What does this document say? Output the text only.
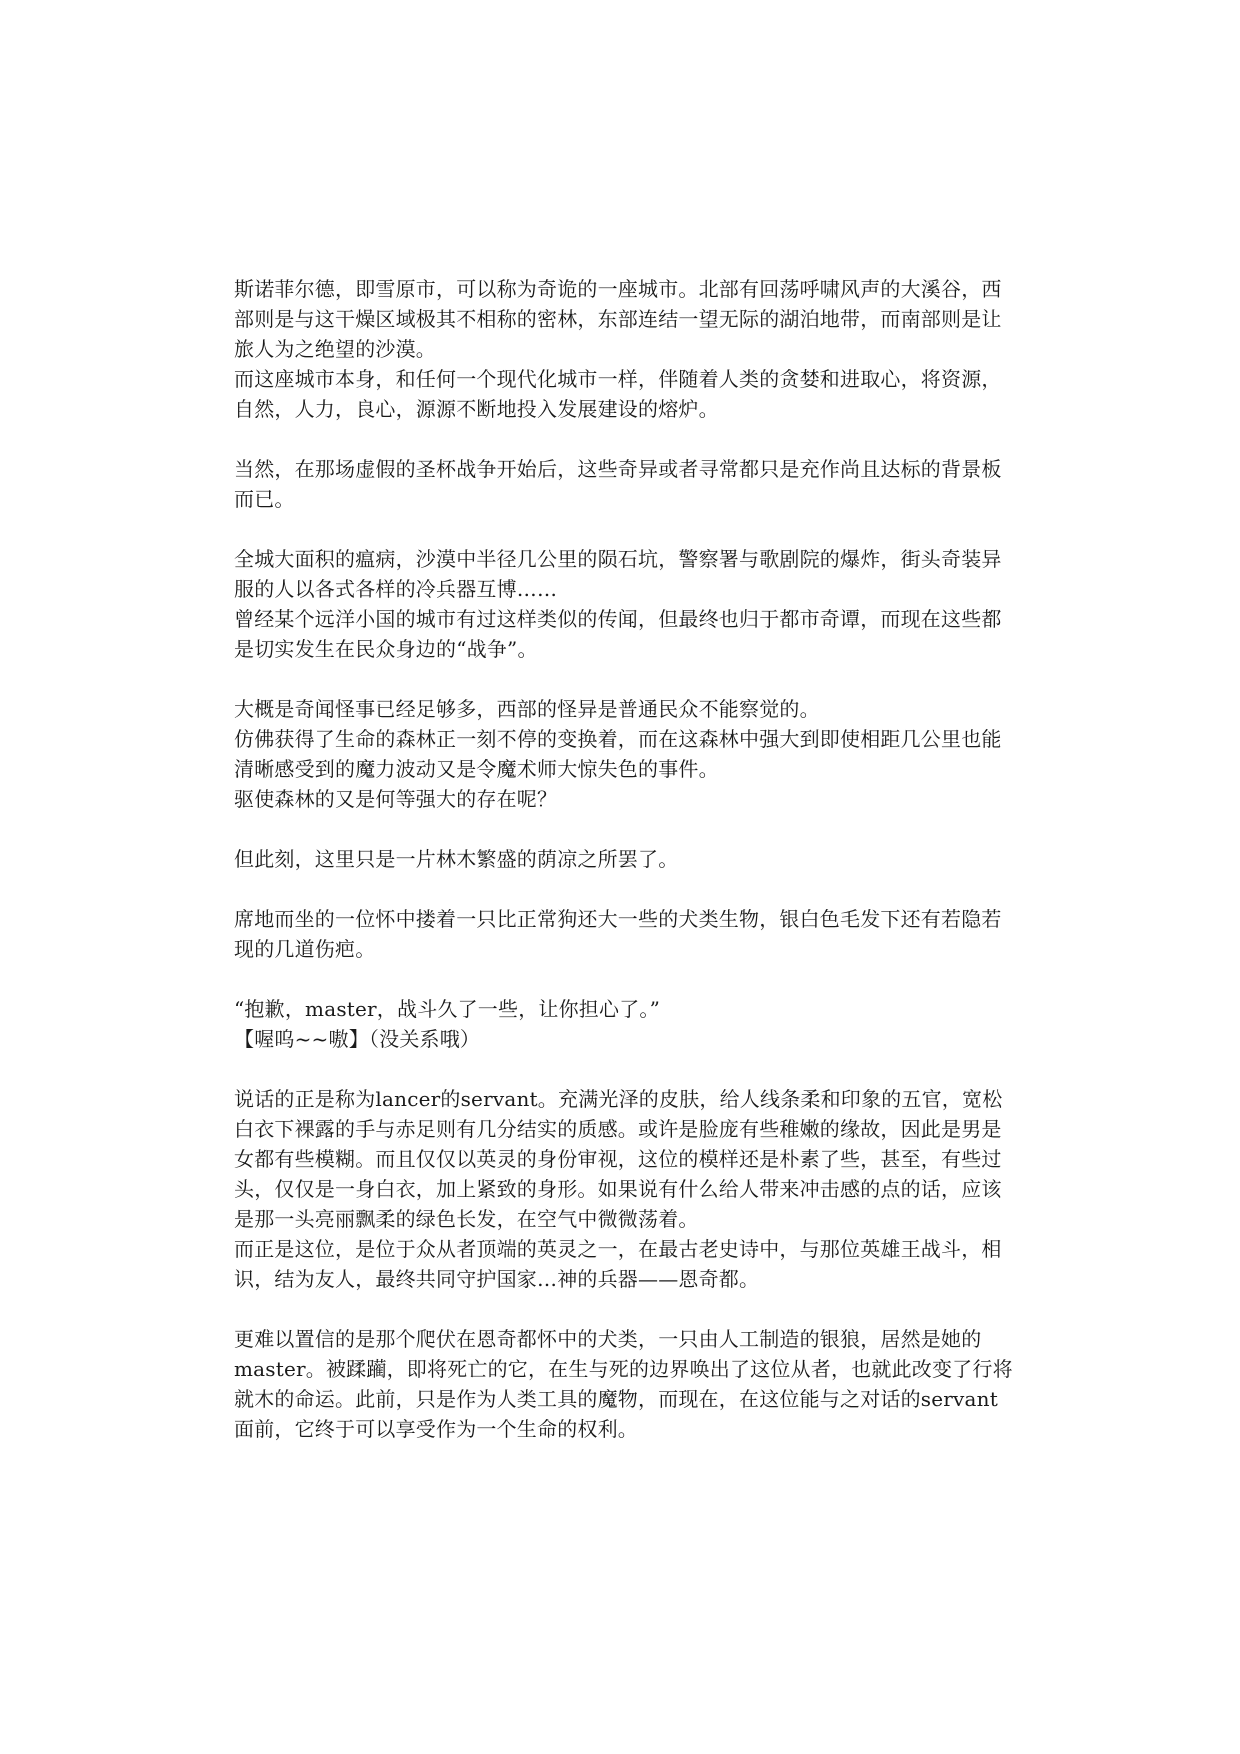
斯诺菲尔德，即雪原市，可以称为奇诡的一座城市。北部有回荡呼啸风声的大溪谷，西部则是与这干燥区域极其不相称的密林，东部连结一望无际的湖泊地带，而南部则是让旅人为之绝望的沙漠。
而这座城市本身，和任何一个现代化城市一样，伴随着人类的贪婪和进取心，将资源，自然，人力，良心，源源不断地投入发展建设的熔炉。

当然，在那场虚假的圣杯战争开始后，这些奇异或者寻常都只是充作尚且达标的背景板而已。

全城大面积的瘟病，沙漠中半径几公里的陨石坑，警察署与歌剧院的爆炸，街头奇装异服的人以各式各样的冷兵器互博……
曾经某个远洋小国的城市有过这样类似的传闻，但最终也归于都市奇谭，而现在这些都是切实发生在民众身边的“战争”。

大概是奇闻怪事已经足够多，西部的怪异是普通民众不能察觉的。
仿佛获得了生命的森林正一刻不停的变换着，而在这森林中强大到即使相距几公里也能清晰感受到的魔力波动又是令魔术师大惊失色的事件。
驱使森林的又是何等强大的存在呢？

但此刻，这里只是一片林木繁盛的荫凉之所罢了。

席地而坐的一位怀中搂着一只比正常狗还大一些的犬类生物，银白色毛发下还有若隐若现的几道伤疤。

“抱歉，master，战斗久了一些，让你担心了。”
【喔呜~~嗷】（没关系哦）

说话的正是称为lancer的servant。充满光泽的皮肤，给人线条柔和印象的五官，宽松白衣下裸露的手与赤足则有几分结实的质感。或许是脸庞有些稚嫩的缘故，因此是男是女都有些模糊。而且仅仅以英灵的身份审视，这位的模样还是朴素了些，甚至，有些过头，仅仅是一身白衣，加上紧致的身形。如果说有什么给人带来冲击感的点的话，应该是那一头亮丽飘柔的绿色长发，在空气中微微荡着。
而正是这位，是位于众从者顶端的英灵之一，在最古老史诗中，与那位英雄王战斗，相识，结为友人，最终共同守护国家…神的兵器——恩奇都。

更难以置信的是那个爬伏在恩奇都怀中的犬类，一只由人工制造的银狼，居然是她的master。被蹂躏，即将死亡的它，在生与死的边界唤出了这位从者，也就此改变了行将就木的命运。此前，只是作为人类工具的魔物，而现在，在这位能与之对话的servant面前，它终于可以享受作为一个生命的权利。
